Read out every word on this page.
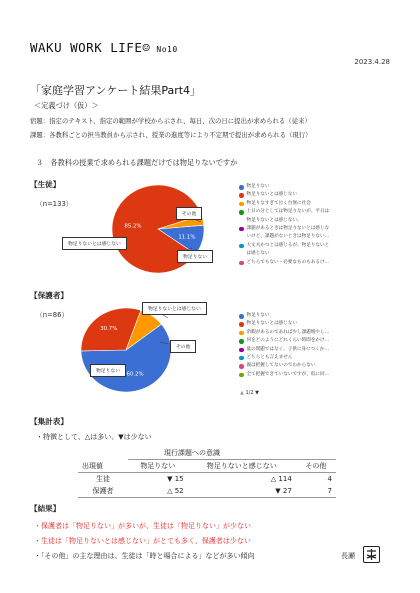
WAKU WORK LIFE☺ No10
2023.4.28
「家庭学習アンケート結果Part4」
＜定義づけ（仮）＞
宿題：指定のテキスト、指定の範囲が学校から示され、毎日、次の日に提出が求められる（従来）
課題：各教科ごとの担当教員から示され、授業の進度等により不定期で提出が求められる（現行）
３　各教科の授業で求められる課題だけでは物足りないですか
【生徒】
（n=133）
11.1%
85.2%
その他
物足りないとは感じない
物足りない
物足りない
物足りないとは感じない
物足りなすぎて泣く台無に社会
土日の分としては物足りないが、平日は
物足りないとは感じない。
課題があるときは物足りないとは感じな
いけど、課題がないときは物足りない…
大丈夫かつとは感じるが、物足りないと
は感じない
どちらでもない・必要なものもあるけ…
【保護者】
（n=86）
60.2%
30.7%
物足りないとは感じない
その他
物足りない
物足りない
物足りないとは感じない
余暇があるのであれば少し課題増やし…
何をどのようにどれくらい時間をかけ…
量の問題ではなく、子供に身につくか…
どちらとも言えません
親は把握してないのでわからない
全て把握できていないですが、低に同…
▲ 1/2 ▼
【集計表】
・特徴として、△は多い、▼は少ない
	現行課題への意識		
出現値	物足りない	物足りないと感じない	その他
生徒	▼ 15	△ 114	4
保護者	△ 52	▼ 27	7
【結果】
・保護者は「物足りない」が多いが、生徒は「物足りない」が少ない
・生徒は「物足りないとは感じない」がとても多く、保護者は少ない
・「その他」の主な理由は、生徒は「時と場合による」などが多い傾向	長瀬
